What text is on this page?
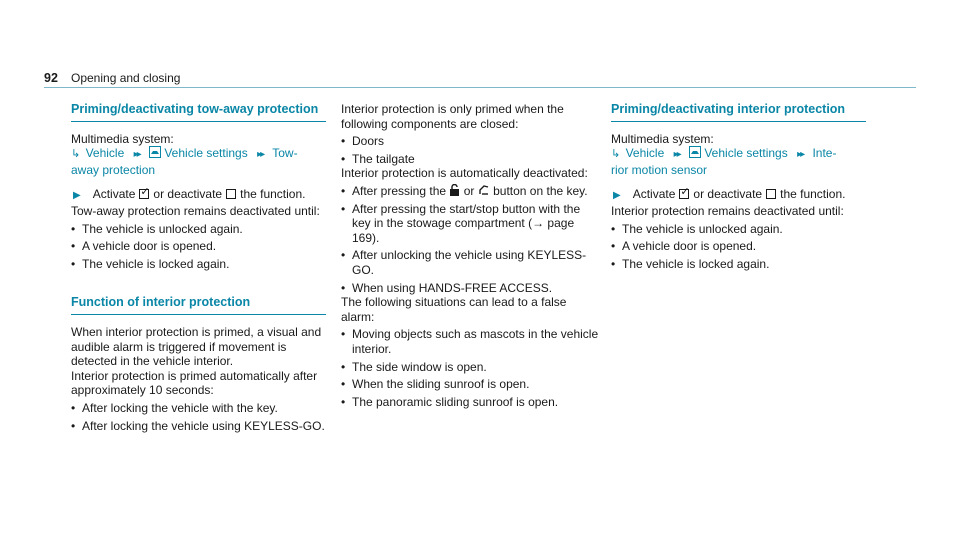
92 Opening and closing
Priming/deactivating tow-away protection

Multimedia system:

↳ Vehicle ▸▸ Vehicle settings ▸▸ Tow-

away protection

▶ Activate ✓ or deactivate the function.

Tow-away protection remains deactivated until:

• The vehicle is unlocked again.
• A vehicle door is opened.
• The vehicle is locked again.
Function of interior protection

When interior protection is primed, a visual and audible alarm is triggered if movement is detected in the vehicle interior.

Interior protection is primed automatically after approximately 10 seconds:

• After locking the vehicle with the key.
• After locking the vehicle using KEYLESS-GO.

Interior protection is only primed when the following components are closed:

• Doors
• The tailgate

Interior protection is automatically deactivated:

• After pressing the or button on the key.
• After pressing the start/stop button with the key in the stowage compartment (→ page 169).
• After unlocking the vehicle using KEYLESS-GO.
• When using HANDS-FREE ACCESS.

The following situations can lead to a false alarm:

• Moving objects such as mascots in the vehicle interior.
• The side window is open.
• When the sliding sunroof is open.
• The panoramic sliding sunroof is open.
Priming/deactivating interior protection

Multimedia system:

↳ Vehicle ▸▸ Vehicle settings ▸▸ Inte-

rior motion sensor

▶ Activate ✓ or deactivate the function.

Interior protection remains deactivated until:

• The vehicle is unlocked again.
• A vehicle door is opened.
• The vehicle is locked again.
